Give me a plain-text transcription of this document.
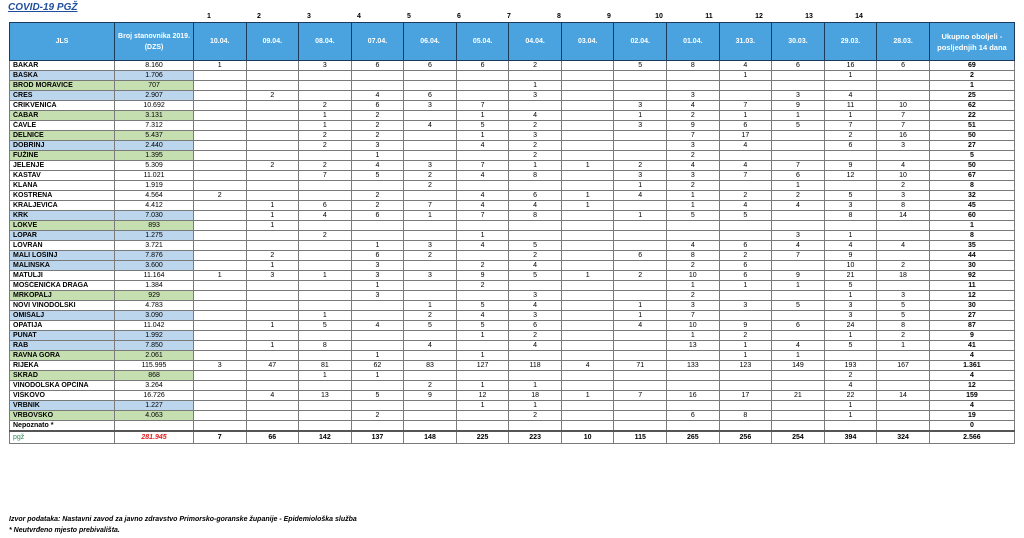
COVID-19 PGŽ
1	2	3	4	5	6	7	8	9	10	11	12	13	14
JLS	Broj stanovnika 2019. (DZS)	10.04.	09.04.	08.04.	07.04.	06.04.	05.04.	04.04.	03.04.	02.04.	01.04.	31.03.	30.03.	29.03.	28.03.	Ukupno oboljeli - posljednjih 14 dana
BAKAR	8.160	1		3	6	6	6	2		5	8	4	6	16	6	69
BAŠKA	1.706											1		1		2
BROD MORAVICE	707							1								1
CRES	2.907		2		4	6		3			3		3	4		25
CRIKVENICA	10.692			2	6	3	7			3	4	7	9	11	10	62
ČABAR	3.131			1	2		1	4		1	2	1	1	1	7	22
ČAVLE	7.312			1	2	4	5	2		3	9	6	5	7	7	51
DELNICE	5.437			2	2		1	3			7	17		2	16	50
DOBRINJ	2.440			2	3		4	2			3	4		6	3	27
FUŽINE	1.395				1			2			2					5
JELENJE	5.309		2	2	4	3	7	1	1	2	4	4	7	9	4	50
KASTAV	11.021			7	5	2	4	8		3	3	7	6	12	10	67
KLANA	1.919					2				1	2		1		2	8
KOSTRENA	4.564	2			2		4	6	1	4	1	2	2	5	3	32
KRALJEVICA	4.412		1	6	2	7	4	4	1		1	4	4	3	8	45
KRK	7.030		1	4	6	1	7	8		1	5	5		8	14	60
LOKVE	893		1													1
LOPAR	1.275			2			1						3	1		8
LOVRAN	3.721				1	3	4	5			4	6	4	4	4	35
MALI LOŠINJ	7.876		2		6	2		2		6	8	2	7	9		44
MALINSKA	3.600		1		3		2	4			2	6		10	2	30
MATULJI	11.164	1	3	1	3	3	9	5	1	2	10	6	9	21	18	92
MOŠĆENIČKA DRAGA	1.384				1		2				1	1	1	5		11
MRKOPALJ	929				3			3			2			1	3	12
NOVI VINODOLSKI	4.783					1	5	4		1	3	3	5	3	5	30
OMIŠALJ	3.090			1		2	4	3		1	7			3	5	27
OPATIJA	11.042		1	5	4	5	5	6		4	10	9	6	24	8	87
PUNAT	1.992						1	2			1	2		1	2	9
RAB	7.850		1	8		4		4			13	1	4	5	1	41
RAVNA GORA	2.061				1		1					1	1			4
RIJEKA	115.995	3	47	81	62	83	127	118	4	71	133	123	149	193	167	1.361
SKRAD	868			1	1									2		4
VINODOLSKA OPĆINA	3.264					2	1	1						4		12
VIŠKOVO	16.726		4	13	5	9	12	18	1	7	16	17	21	22	14	159
VRBNIK	1.227						1	1						1		4
VRBOVSKO	4.063				2			2			6	8		1		19
Nepoznato *																0
pgž	281.945	7	66	142	137	148	225	223	10	115	265	256	254	394	324	2.566
Izvor podataka: Nastavni zavod za javno zdravstvo Primorsko-goranske županije - Epidemiološka služba
* Neutvrđeno mjesto prebivališta.
